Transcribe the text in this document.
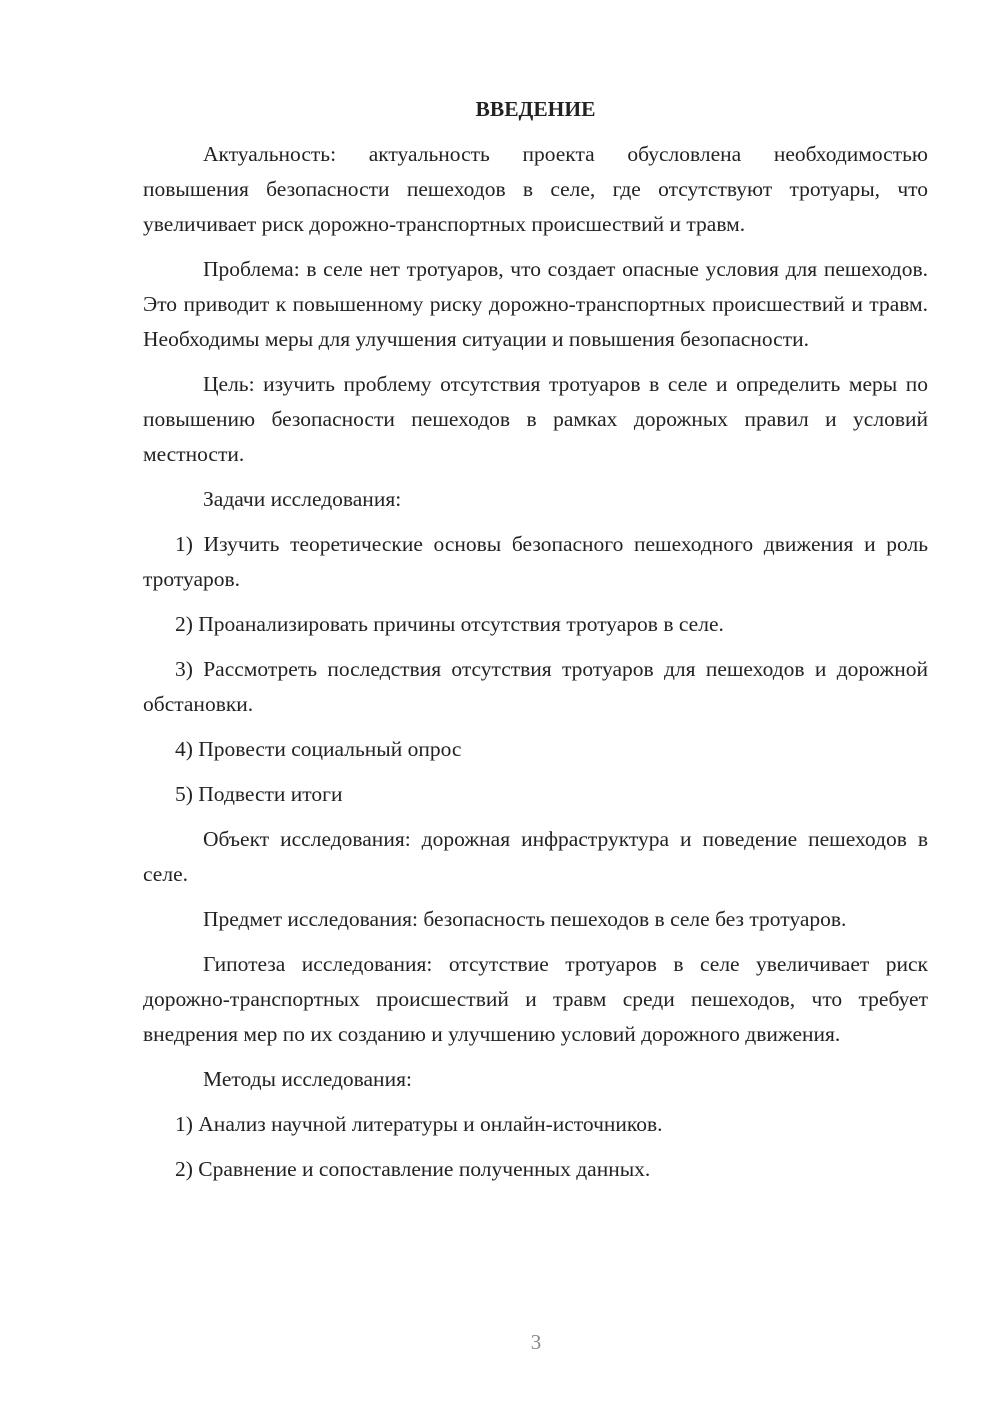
ВВЕДЕНИЕ

Актуальность: актуальность проекта обусловлена необходимостью повышения безопасности пешеходов в селе, где отсутствуют тротуары, что увеличивает риск дорожно-транспортных происшествий и травм.

Проблема: в селе нет тротуаров, что создает опасные условия для пешеходов. Это приводит к повышенному риску дорожно-транспортных происшествий и травм. Необходимы меры для улучшения ситуации и повышения безопасности.

Цель: изучить проблему отсутствия тротуаров в селе и определить меры по повышению безопасности пешеходов в рамках дорожных правил и условий местности.

Задачи исследования:

1) Изучить теоретические основы безопасного пешеходного движения и роль тротуаров.

2) Проанализировать причины отсутствия тротуаров в селе.

3) Рассмотреть последствия отсутствия тротуаров для пешеходов и дорожной обстановки.

4) Провести социальный опрос

5) Подвести итоги

Объект исследования: дорожная инфраструктура и поведение пешеходов в селе.

Предмет исследования: безопасность пешеходов в селе без тротуаров.

Гипотеза исследования: отсутствие тротуаров в селе увеличивает риск дорожно-транспортных происшествий и травм среди пешеходов, что требует внедрения мер по их созданию и улучшению условий дорожного движения.

Методы исследования:

1) Анализ научной литературы и онлайн-источников.

2) Сравнение и сопоставление полученных данных.

3
